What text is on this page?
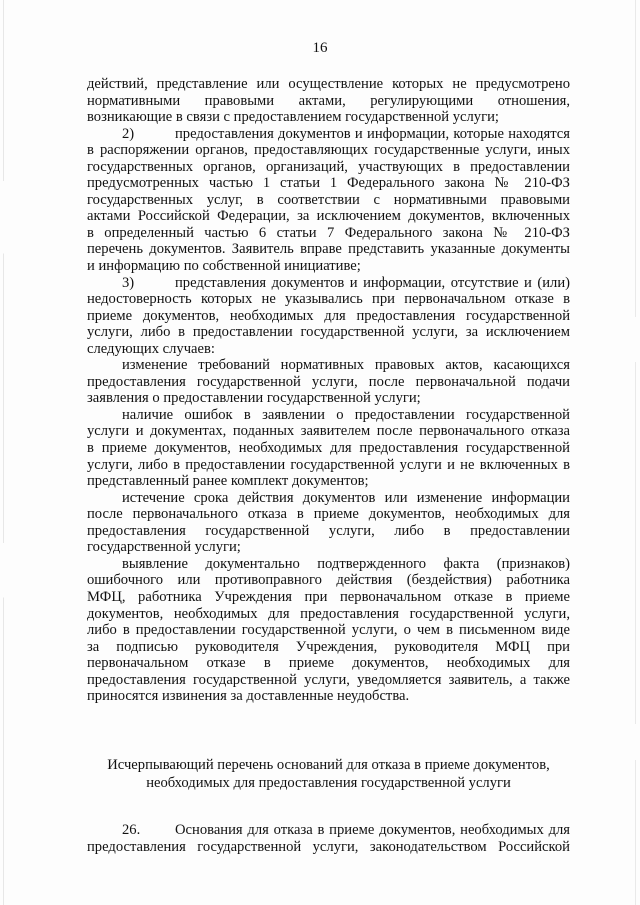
16
действий, представление или осуществление которых не предусмотрено
нормативными правовыми актами, регулирующими отношения,
возникающие в связи с предоставлением государственной услуги;
2)	предоставления документов и информации, которые находятся
в распоряжении органов, предоставляющих государственные услуги, иных
государственных органов, организаций, участвующих в предоставлении
предусмотренных частью 1 статьи 1 Федерального закона № 210-ФЗ
государственных услуг, в соответствии с нормативными правовыми
актами Российской Федерации, за исключением документов, включенных
в определенный частью 6 статьи 7 Федерального закона № 210-ФЗ
перечень документов. Заявитель вправе представить указанные документы
и информацию по собственной инициативе;
3)	представления документов и информации, отсутствие и (или)
недостоверность которых не указывались при первоначальном отказе в
приеме документов, необходимых для предоставления государственной
услуги, либо в предоставлении государственной услуги, за исключением
следующих случаев:
изменение требований нормативных правовых актов, касающихся
предоставления государственной услуги, после первоначальной подачи
заявления о предоставлении государственной услуги;
наличие ошибок в заявлении о предоставлении государственной
услуги и документах, поданных заявителем после первоначального отказа
в приеме документов, необходимых для предоставления государственной
услуги, либо в предоставлении государственной услуги и не включенных в
представленный ранее комплект документов;
истечение срока действия документов или изменение информации
после первоначального отказа в приеме документов, необходимых для
предоставления государственной услуги, либо в предоставлении
государственной услуги;
выявление документально подтвержденного факта (признаков)
ошибочного или противоправного действия (бездействия) работника
МФЦ, работника Учреждения при первоначальном отказе в приеме
документов, необходимых для предоставления государственной услуги,
либо в предоставлении государственной услуги, о чем в письменном виде
за подписью руководителя Учреждения, руководителя МФЦ при
первоначальном отказе в приеме документов, необходимых для
предоставления государственной услуги, уведомляется заявитель, а также
приносятся извинения за доставленные неудобства.
Исчерпывающий перечень оснований для отказа в приеме документов,
необходимых для предоставления государственной услуги
26. Основания для отказа в приеме документов, необходимых для
предоставления государственной услуги, законодательством Российской
